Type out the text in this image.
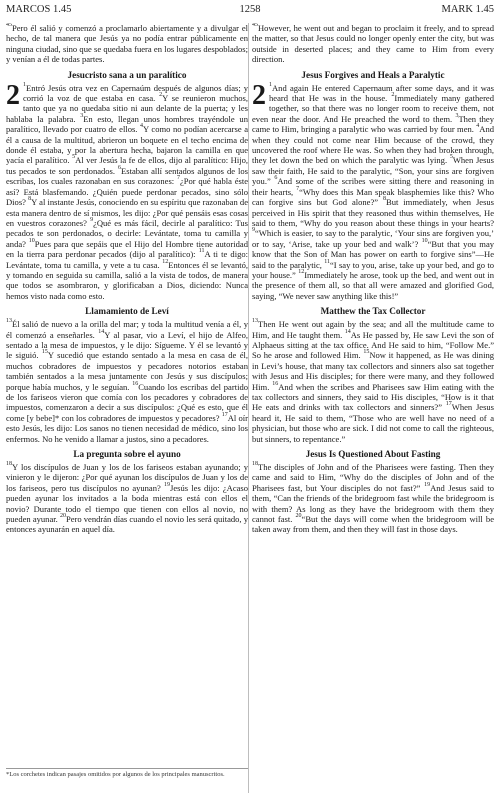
MARCOS 1.45	1258	MARK 1.45
$^{45}$Pero él salió y comenzó a proclamarlo abiertamente y a divulgar el hecho, de tal manera que Jesús ya no podía entrar públicamente en ninguna ciudad, sino que se quedaba fuera en los lugares despoblados; y venían a él de todas partes.
Jesucristo sana a un paralítico
2 $^1$Entró Jesús otra vez en Capernaúm después de algunos días; y corrió la voz de que estaba en casa. $^2$Y se reunieron muchos, tanto que ya no quedaba sitio ni aun delante de la puerta; y les hablaba la palabra. $^3$En esto, llegan unos hombres trayéndole un paralítico, llevado por cuatro de ellos. $^4$Y como no podían acercarse a él a causa de la multitud, abrieron un boquete en el techo encima de donde él estaba, y por la abertura hecha, bajaron la camilla en que yacía el paralítico. $^5$Al ver Jesús la fe de ellos, dijo al paralítico: Hijo, tus pecados te son perdonados. $^6$Estaban allí sentados algunos de los escribas, los cuales razonaban en sus corazones: $^7$¿Por qué habla éste así? Está blasfemando. ¿Quién puede perdonar pecados, sino sólo Dios? $^8$Y al instante Jesús, conociendo en su espíritu que razonaban de esta manera dentro de sí mismos, les dijo: ¿Por qué pensáis esas cosas en vuestros corazones? $^9$¿Qué es más fácil, decirle al paralítico: Tus pecados te son perdonados, o decirle: Levántate, toma tu camilla y anda? $^{10}$Pues para que sepáis que el Hijo del Hombre tiene autoridad en la tierra para perdonar pecados (dijo al paralítico): $^{11}$A ti te digo: Levántate, toma tu camilla, y vete a tu casa. $^{12}$Entonces él se levantó, y tomando en seguida su camilla, salió a la vista de todos, de manera que todos se asombraron, y glorificaban a Dios, diciendo: Nunca hemos visto nada como esto.
Llamamiento de Leví
$^{13}$Él salió de nuevo a la orilla del mar; y toda la multitud venía a él, y él comenzó a enseñarles. $^{14}$Y al pasar, vio a Leví, el hijo de Alfeo, sentado a la mesa de impuestos, y le dijo: Sígueme. Y él se levantó y le siguió. $^{15}$Y sucedió que estando sentado a la mesa en casa de él, muchos cobradores de impuestos y pecadores notorios estaban también sentados a la mesa juntamente con Jesús y sus discípulos; porque había muchos, y le seguían. $^{16}$Cuando los escribas del partido de los fariseos vieron que comía con los pecadores y cobradores de impuestos, comenzaron a decir a sus discípulos: ¿Qué es esto, que él come [y bebe]* con los cobradores de impuestos y pecadores? $^{17}$Al oír esto Jesús, les dijo: Los sanos no tienen necesidad de médico, sino los enfermos. No he venido a llamar a justos, sino a pecadores.
La pregunta sobre el ayuno
$^{18}$Y los discípulos de Juan y los de los fariseos estaban ayunando; y vinieron y le dijeron: ¿Por qué ayunan los discípulos de Juan y los de los fariseos, pero tus discípulos no ayunan? $^{19}$Jesús les dijo: ¿Acaso pueden ayunar los invitados a la boda mientras está con ellos el novio? Durante todo el tiempo que tienen con ellos al novio, no pueden ayunar. $^{20}$Pero vendrán días cuando el novio les será quitado, y entonces ayunarán en aquel día.
$^{45}$However, he went out and began to proclaim it freely, and to spread the matter, so that Jesus could no longer openly enter the city, but was outside in deserted places; and they came to Him from every direction.
Jesus Forgives and Heals a Paralytic
2 $^1$And again He entered Capernaum after some days, and it was heard that He was in the house. $^2$Immediately many gathered together, so that there was no longer room to receive them, not even near the door. And He preached the word to them. $^3$Then they came to Him, bringing a paralytic who was carried by four men. $^4$And when they could not come near Him because of the crowd, they uncovered the roof where He was. So when they had broken through, they let down the bed on which the paralytic was lying. $^5$When Jesus saw their faith, He said to the paralytic, “Son, your sins are forgiven you.” $^6$And some of the scribes were sitting there and reasoning in their hearts, $^7$“Why does this Man speak blasphemies like this? Who can forgive sins but God alone?” $^8$But immediately, when Jesus perceived in His spirit that they reasoned thus within themselves, He said to them, “Why do you reason about these things in your hearts? $^9$“Which is easier, to say to the paralytic, ‘Your sins are forgiven you,’ or to say, ‘Arise, take up your bed and walk’? $^{10}$“But that you may know that the Son of Man has power on earth to forgive sins”—He said to the paralytic, $^{11}$“I say to you, arise, take up your bed, and go to your house.” $^{12}$Immediately he arose, took up the bed, and went out in the presence of them all, so that all were amazed and glorified God, saying, “We never saw anything like this!”
Matthew the Tax Collector
$^{13}$Then He went out again by the sea; and all the multitude came to Him, and He taught them. $^{14}$As He passed by, He saw Levi the son of Alphaeus sitting at the tax office. And He said to him, “Follow Me.” So he arose and followed Him. $^{15}$Now it happened, as He was dining in Levi’s house, that many tax collectors and sinners also sat together with Jesus and His disciples; for there were many, and they followed Him. $^{16}$And when the scribes and Pharisees saw Him eating with the tax collectors and sinners, they said to His disciples, “How is it that He eats and drinks with tax collectors and sinners?” $^{17}$When Jesus heard it, He said to them, “Those who are well have no need of a physician, but those who are sick. I did not come to call the righteous, but sinners, to repentance.”
Jesus Is Questioned About Fasting
$^{18}$The disciples of John and of the Pharisees were fasting. Then they came and said to Him, “Why do the disciples of John and of the Pharisees fast, but Your disciples do not fast?” $^{19}$And Jesus said to them, “Can the friends of the bridegroom fast while the bridegroom is with them? As long as they have the bridegroom with them they cannot fast. $^{20}$“But the days will come when the bridegroom will be taken away from them, and then they will fast in those days.
*Los corchetes indican pasajes omitidos por algunos de los principales manuscritos.
